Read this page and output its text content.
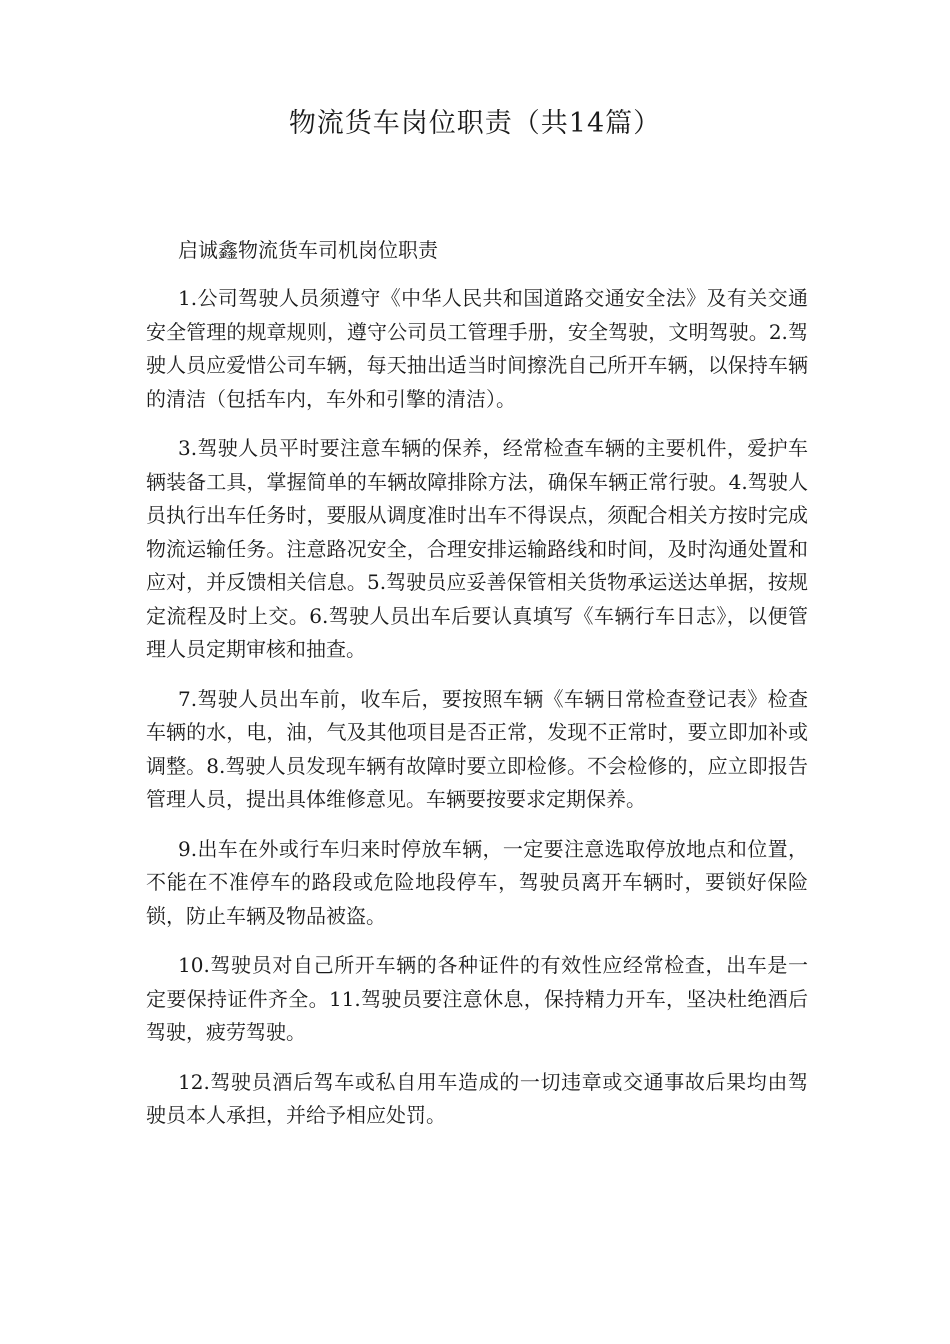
物流货车岗位职责（共14篇）

启诚鑫物流货车司机岗位职责

1.公司驾驶人员须遵守《中华人民共和国道路交通安全法》及有关交通安全管理的规章规则，遵守公司员工管理手册，安全驾驶，文明驾驶。2.驾驶人员应爱惜公司车辆，每天抽出适当时间擦洗自己所开车辆，以保持车辆的清洁（包括车内，车外和引擎的清洁）。

3.驾驶人员平时要注意车辆的保养，经常检查车辆的主要机件，爱护车辆装备工具，掌握简单的车辆故障排除方法，确保车辆正常行驶。4.驾驶人员执行出车任务时，要服从调度准时出车不得误点，须配合相关方按时完成物流运输任务。注意路况安全，合理安排运输路线和时间，及时沟通处置和应对，并反馈相关信息。5.驾驶员应妥善保管相关货物承运送达单据，按规定流程及时上交。6.驾驶人员出车后要认真填写《车辆行车日志》，以便管理人员定期审核和抽查。

7.驾驶人员出车前，收车后，要按照车辆《车辆日常检查登记表》检查车辆的水，电，油，气及其他项目是否正常，发现不正常时，要立即加补或调整。8.驾驶人员发现车辆有故障时要立即检修。不会检修的，应立即报告管理人员，提出具体维修意见。车辆要按要求定期保养。

9.出车在外或行车归来时停放车辆，一定要注意选取停放地点和位置，不能在不准停车的路段或危险地段停车，驾驶员离开车辆时，要锁好保险锁，防止车辆及物品被盗。

10.驾驶员对自己所开车辆的各种证件的有效性应经常检查，出车是一定要保持证件齐全。11.驾驶员要注意休息，保持精力开车，坚决杜绝酒后驾驶，疲劳驾驶。

12.驾驶员酒后驾车或私自用车造成的一切违章或交通事故后果均由驾驶员本人承担，并给予相应处罚。
